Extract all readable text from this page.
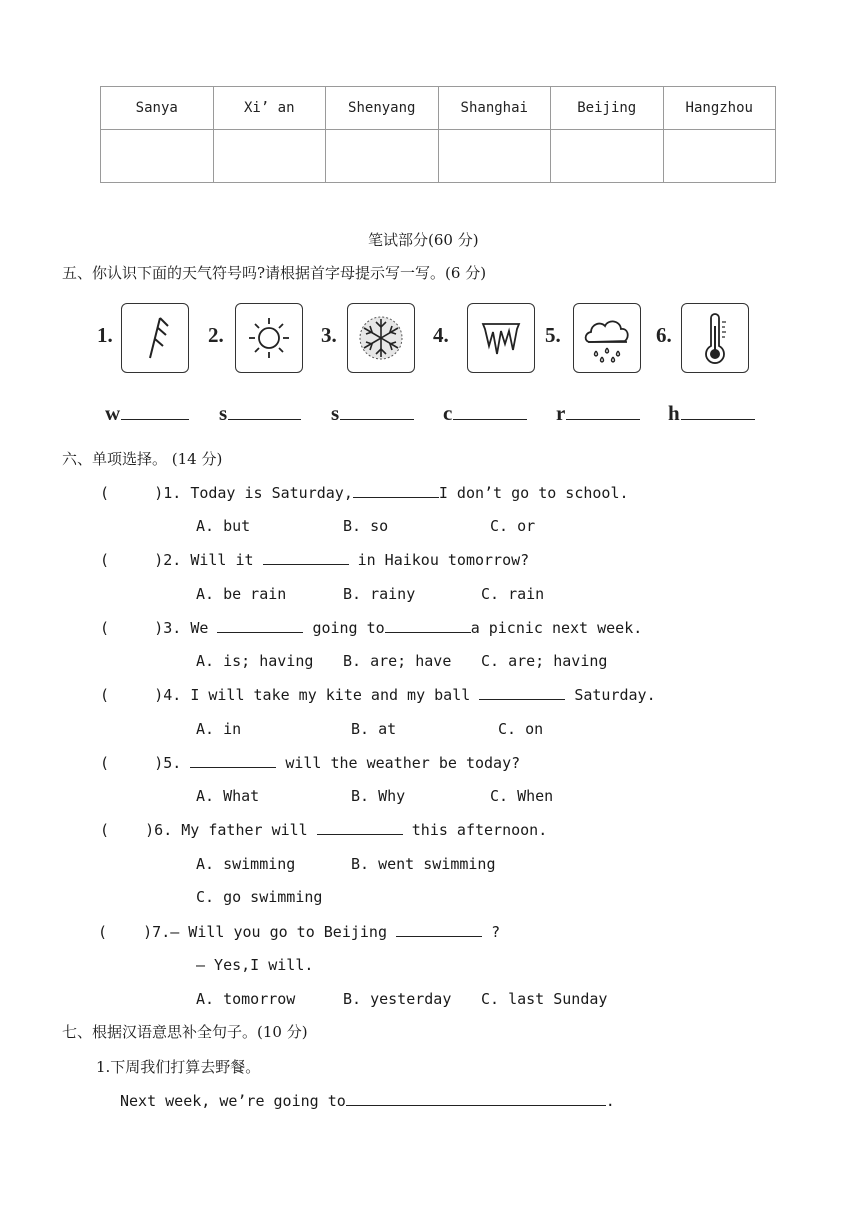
Sanya	Xi’ an	Shenyang	Shanghai	Beijing	Hangzhou

笔试部分(60 分)
五、你认识下面的天气符号吗?请根据首字母提示写一写。(6 分)
1.	2.	3.	4.	5.	6.
w	s	s	c	r	h
六、单项选择。 (14 分)
(	)1. Today is Saturday,	I don’t go to school.
A. but	B. so	C. or
(	)2. Will it	in Haikou tomorrow?
A. be rain	B. rainy	C. rain
(	)3. We	going to	a picnic next week.
A. is; having B. are; have C. are; having
(	)4. I will take my kite and my ball	Saturday.
A. in	B. at	C. on
(	)5.	will the weather be today?
A. What	B. Why	C. When
( )6. My father will	this afternoon.
A. swimming	B. went swimming
C. go swimming
( )7.— Will you go to Beijing	?
— Yes,I will.
A. tomorrow	B. yesterday C. last Sunday
七、根据汉语意思补全句子。(10 分)
1.下周我们打算去野餐。
Next week, we’re going to	.
